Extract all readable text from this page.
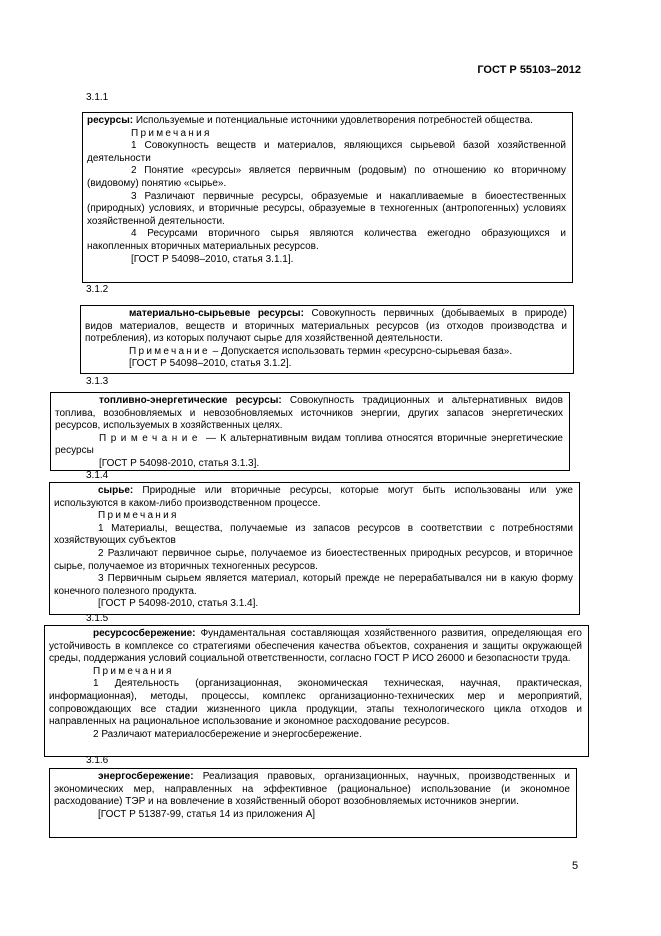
ГОСТ Р 55103–2012
3.1.1

ресурсы: Используемые и потенциальные источники удовлетворения потребностей общества.

Примечания

1 Совокупность веществ и материалов, являющихся сырьевой базой хозяйственной деятельности

2 Понятие «ресурсы» является первичным (родовым) по отношению ко вторичному (видовому) понятию «сырье».

3 Различают первичные ресурсы, образуемые и накапливаемые в биоестественных (природных) условиях, и вторичные ресурсы, образуемые в техногенных (антропогенных) условиях хозяйственной деятельности.

4 Ресурсами вторичного сырья являются количества ежегодно образующихся и накопленных вторичных материальных ресурсов.

[ГОСТ Р 54098–2010, статья 3.1.1].

3.1.2

материально-сырьевые ресурсы: Совокупность первичных (добываемых в природе) видов материалов, веществ и вторичных материальных ресурсов (из отходов производства и потребления), из которых получают сырье для хозяйственной деятельности.

Примечание – Допускается использовать термин «ресурсно-сырьевая база».

[ГОСТ Р 54098–2010, статья 3.1.2].

3.1.3

топливно-энергетические ресурсы: Совокупность традиционных и альтернативных видов топлива, возобновляемых и невозобновляемых источников энергии, других запасов энергетических ресурсов, используемых в хозяйственных целях.

Примечание — К альтернативным видам топлива относятся вторичные энергетические ресурсы

[ГОСТ Р 54098-2010, статья 3.1.3].

3.1.4

сырье: Природные или вторичные ресурсы, которые могут быть использованы или уже используются в каком-либо производственном процессе.

Примечания

1 Материалы, вещества, получаемые из запасов ресурсов в соответствии с потребностями хозяйствующих субъектов

2 Различают первичное сырье, получаемое из биоестественных природных ресурсов, и вторичное сырье, получаемое из вторичных техногенных ресурсов.

3 Первичным сырьем является материал, который прежде не перерабатывался ни в какую форму конечного полезного продукта.

[ГОСТ Р 54098-2010, статья 3.1.4].

3.1.5

ресурсосбережение: Фундаментальная составляющая хозяйственного развития, определяющая его устойчивость в комплексе со стратегиями обеспечения качества объектов, сохранения и защиты окружающей среды, поддержания условий социальной ответственности, согласно ГОСТ Р ИСО 26000 и безопасности труда.

Примечания

1 Деятельность (организационная, экономическая техническая, научная, практическая, информационная), методы, процессы, комплекс организационно-технических мер и мероприятий, сопровождающих все стадии жизненного цикла продукции, этапы технологического цикла отходов и направленных на рациональное использование и экономное расходование ресурсов.

2 Различают материалосбережение и энергосбережение.

3.1.6

энергосбережение: Реализация правовых, организационных, научных, производственных и экономических мер, направленных на эффективное (рациональное) использование (и экономное расходование) ТЭР и на вовлечение в хозяйственный оборот возобновляемых источников энергии.

[ГОСТ Р 51387-99, статья 14 из приложения А]

5
